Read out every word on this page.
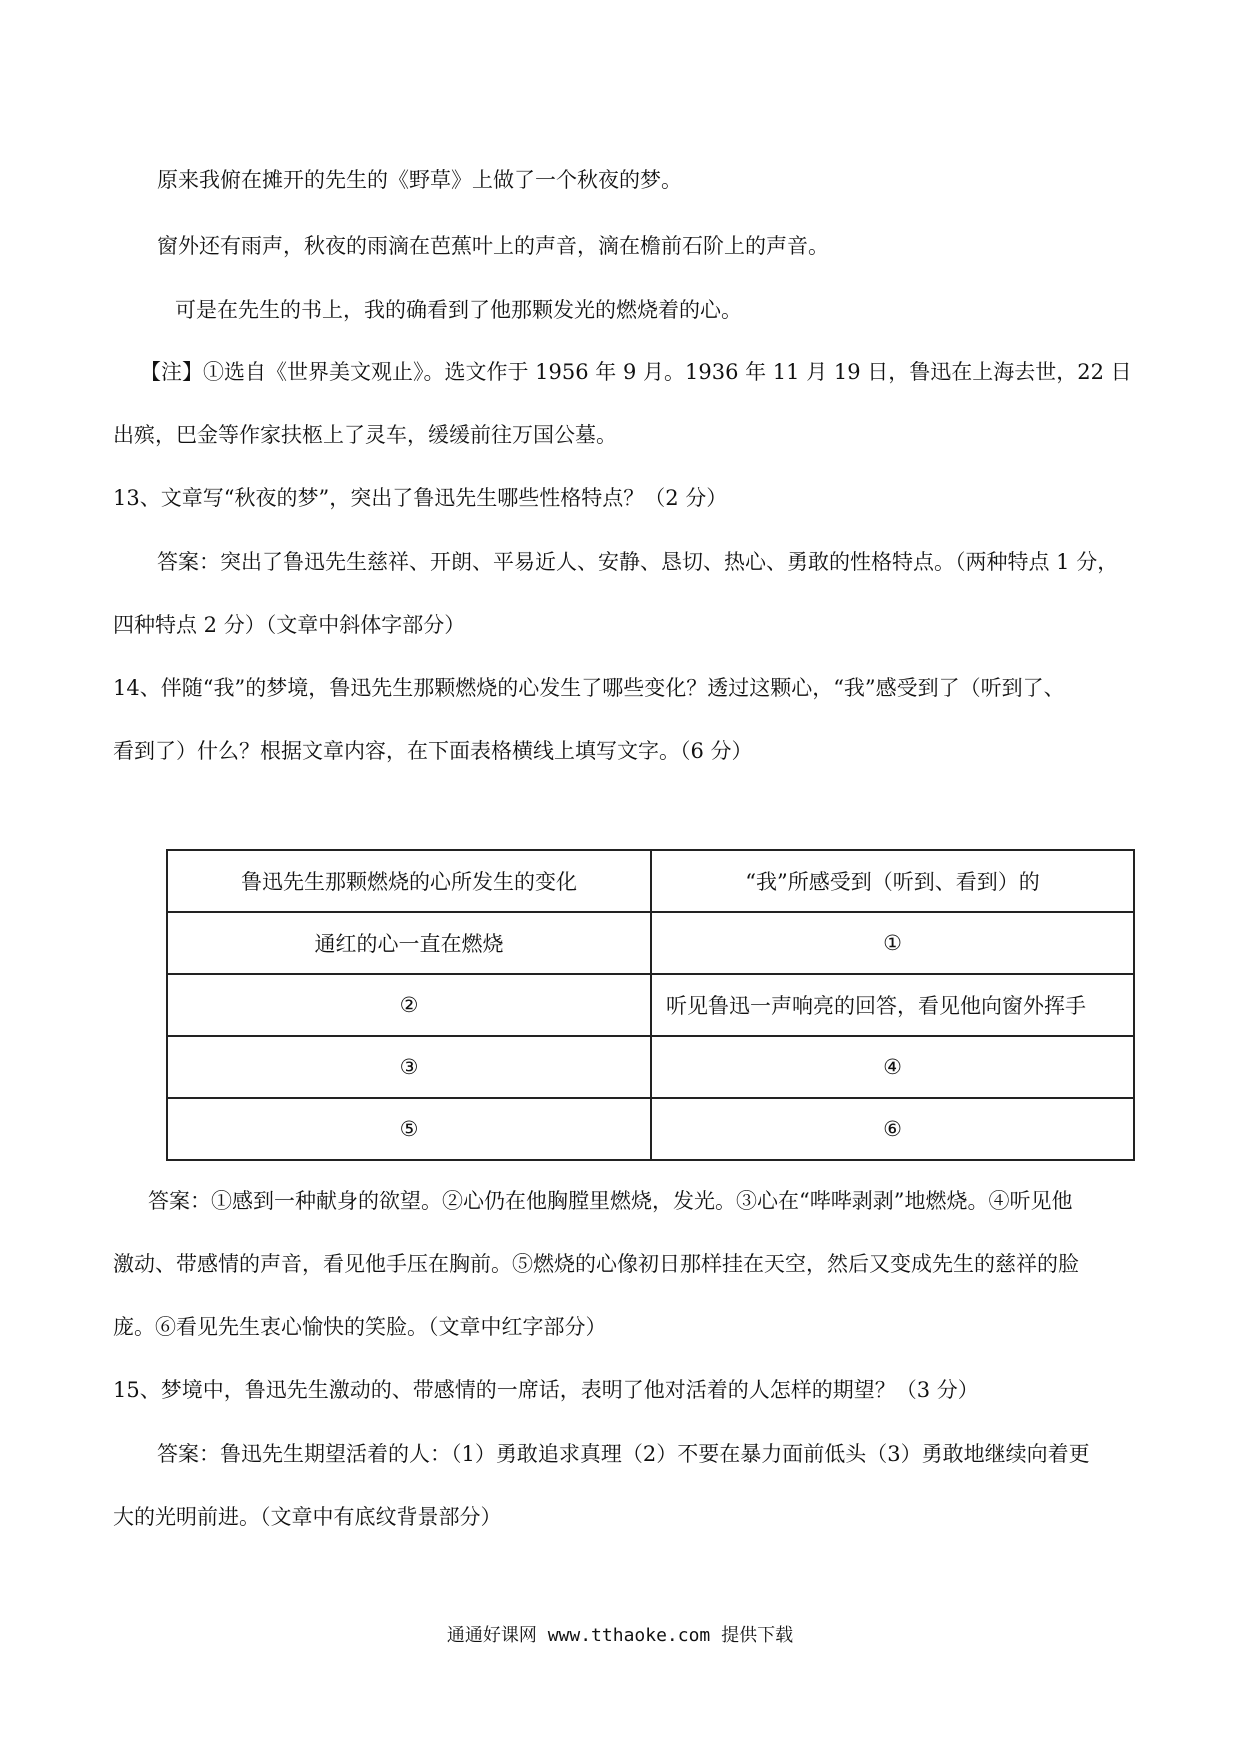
原来我俯在摊开的先生的《野草》上做了一个秋夜的梦。
窗外还有雨声，秋夜的雨滴在芭蕉叶上的声音，滴在檐前石阶上的声音。
可是在先生的书上，我的确看到了他那颗发光的燃烧着的心。
【注】①选自《世界美文观止》。选文作于 1956 年 9 月。1936 年 11 月 19 日，鲁迅在上海去世，22 日
出殡，巴金等作家扶柩上了灵车，缓缓前往万国公墓。
13、文章写“秋夜的梦”，突出了鲁迅先生哪些性格特点？（2 分）
答案：突出了鲁迅先生慈祥、开朗、平易近人、安静、恳切、热心、勇敢的性格特点。（两种特点 1 分，
四种特点 2 分）（文章中斜体字部分）
14、伴随“我”的梦境，鲁迅先生那颗燃烧的心发生了哪些变化？透过这颗心，“我”感受到了（听到了、
看到了）什么？根据文章内容，在下面表格横线上填写文字。（6 分）
鲁迅先生那颗燃烧的心所发生的变化	“我”所感受到（听到、看到）的
通红的心一直在燃烧	①
②	听见鲁迅一声响亮的回答，看见他向窗外挥手
③	④
⑤	⑥
答案：①感到一种献身的欲望。②心仍在他胸膛里燃烧，发光。③心在“哔哔剥剥”地燃烧。④听见他
激动、带感情的声音，看见他手压在胸前。⑤燃烧的心像初日那样挂在天空，然后又变成先生的慈祥的脸
庞。⑥看见先生衷心愉快的笑脸。（文章中红字部分）
15、梦境中，鲁迅先生激动的、带感情的一席话，表明了他对活着的人怎样的期望？（3 分）
答案：鲁迅先生期望活着的人：（1）勇敢追求真理（2）不要在暴力面前低头（3）勇敢地继续向着更
大的光明前进。（文章中有底纹背景部分）
通通好课网 www.tthaoke.com 提供下载
